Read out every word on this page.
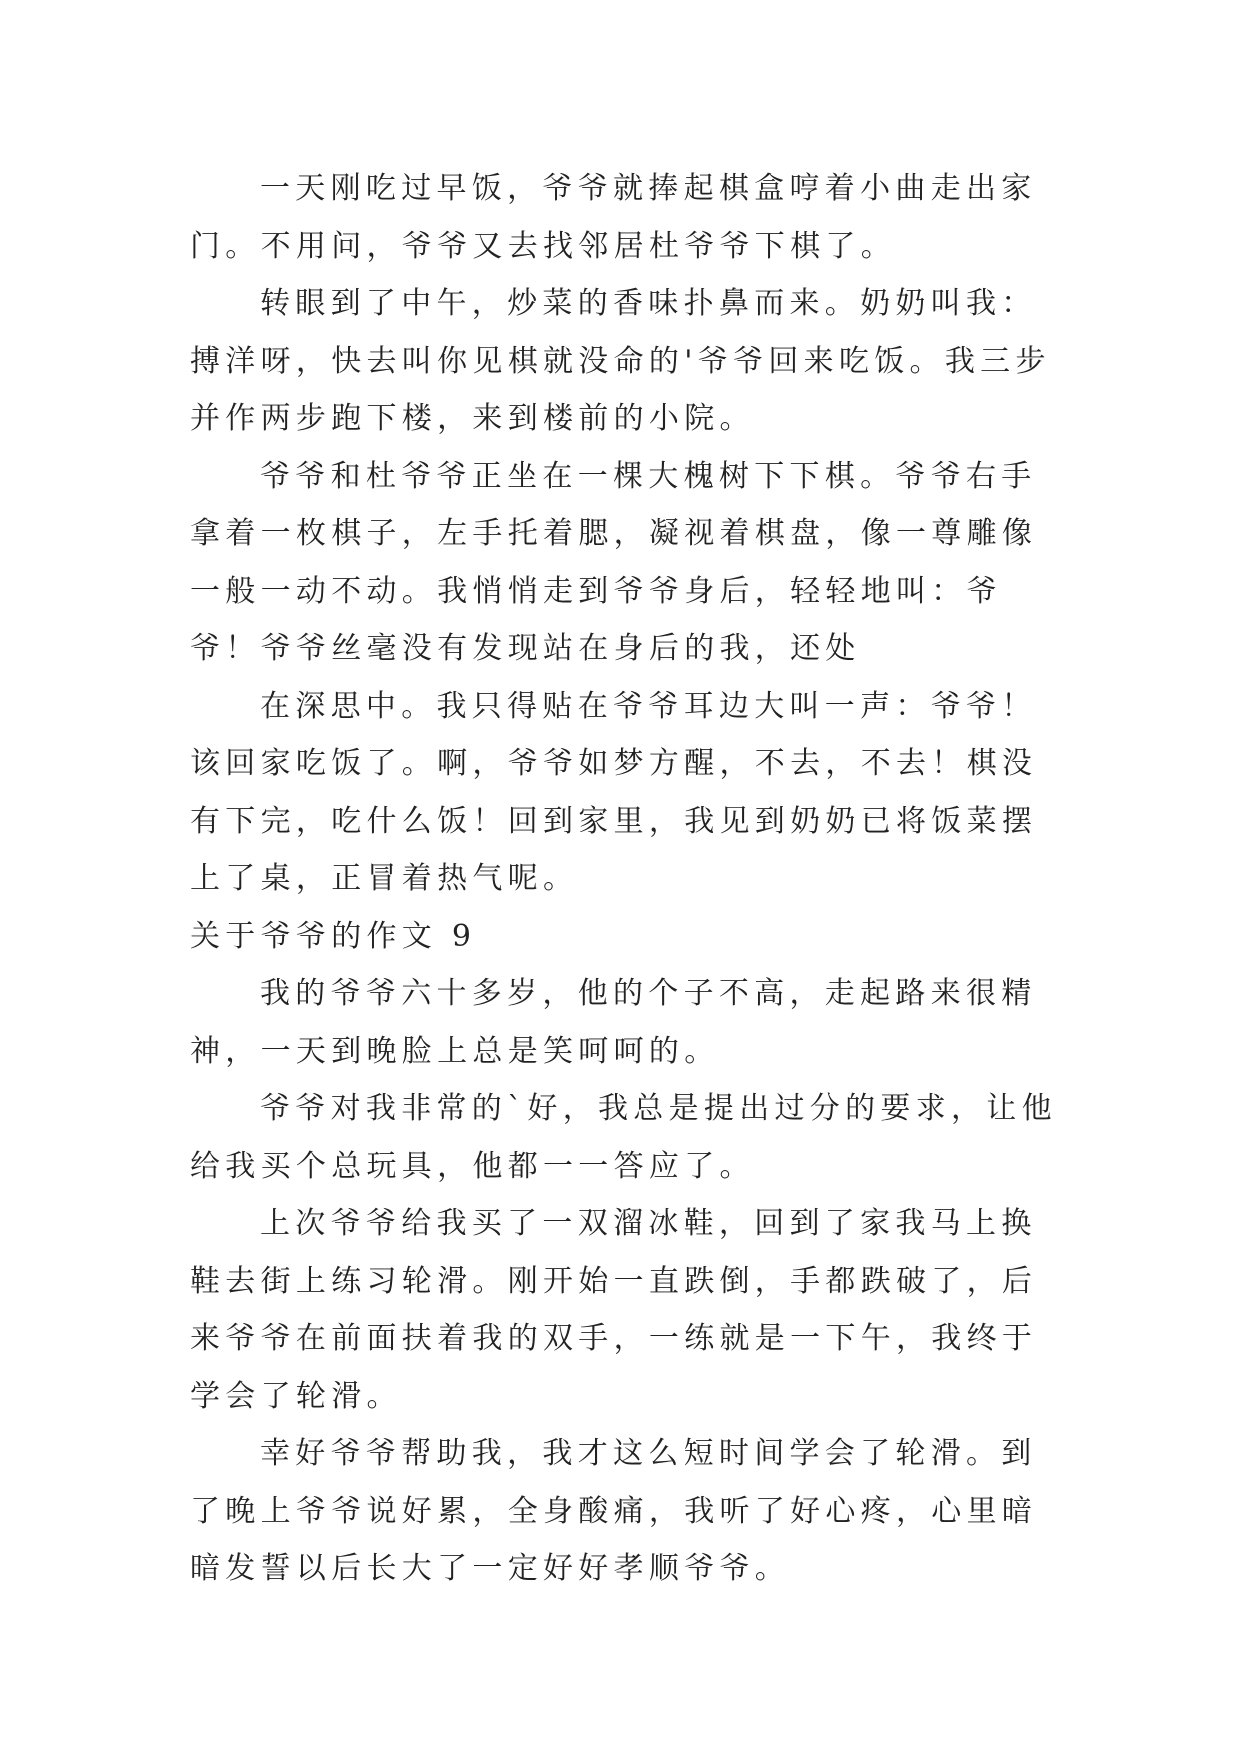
一天刚吃过早饭，爷爷就捧起棋盒哼着小曲走出家门。不用问，爷爷又去找邻居杜爷爷下棋了。

转眼到了中午，炒菜的香味扑鼻而来。奶奶叫我：搏洋呀，快去叫你见棋就没命的'爷爷回来吃饭。我三步并作两步跑下楼，来到楼前的小院。

爷爷和杜爷爷正坐在一棵大槐树下下棋。爷爷右手拿着一枚棋子，左手托着腮，凝视着棋盘，像一尊雕像一般一动不动。我悄悄走到爷爷身后，轻轻地叫：爷爷！爷爷丝毫没有发现站在身后的我，还处

在深思中。我只得贴在爷爷耳边大叫一声：爷爷！该回家吃饭了。啊，爷爷如梦方醒，不去，不去！棋没有下完，吃什么饭！回到家里，我见到奶奶已将饭菜摆上了桌，正冒着热气呢。

关于爷爷的作文 9

我的爷爷六十多岁，他的个子不高，走起路来很精神，一天到晚脸上总是笑呵呵的。

爷爷对我非常的`好，我总是提出过分的要求，让他给我买个总玩具，他都一一答应了。

上次爷爷给我买了一双溜冰鞋，回到了家我马上换鞋去街上练习轮滑。刚开始一直跌倒，手都跌破了，后来爷爷在前面扶着我的双手，一练就是一下午，我终于学会了轮滑。

幸好爷爷帮助我，我才这么短时间学会了轮滑。到了晚上爷爷说好累，全身酸痛，我听了好心疼，心里暗暗发誓以后长大了一定好好孝顺爷爷。
